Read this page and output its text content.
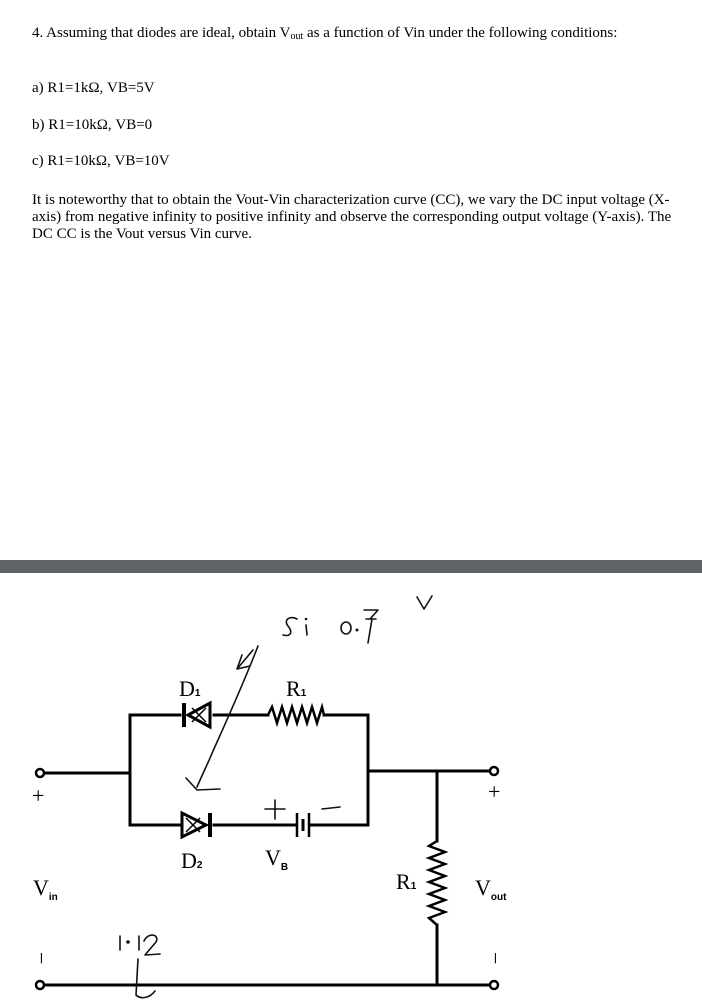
4. Assuming that diodes are ideal, obtain $V_{out}$ as a function of Vin under the following conditions:
a) R1=1kΩ, VB=5V
b) R1=10kΩ, VB=0
c) R1=10kΩ, VB=10V
It is noteworthy that to obtain the Vout-Vin characterization curve (CC), we vary the DC input voltage (X-axis) from negative infinity to positive infinity and observe the corresponding output voltage (Y-axis). The DC CC is the Vout versus Vin curve.
D1
D2
R1
$V_B$
R1
$V_{in}$	$V_{out}$
+	+
−	−
